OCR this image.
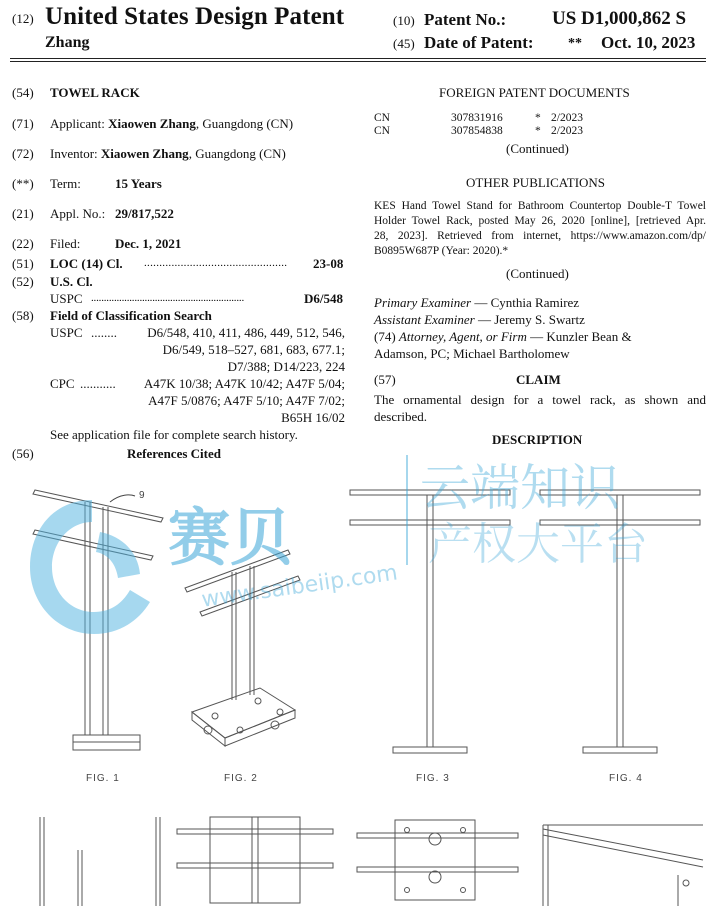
(12) United States Design Patent
Zhang
(10) Patent No.: US D1,000,862 S
(45) Date of Patent: ** Oct. 10, 2023
(54) TOWEL RACK
(71) Applicant: Xiaowen Zhang, Guangdong (CN)
(72) Inventor: Xiaowen Zhang, Guangdong (CN)
(**) Term:	15 Years
(21) Appl. No.: 29/817,522
(22) Filed:	Dec. 1, 2021
(51) LOC (14) Cl. ............................................... 23-08
(52) U.S. Cl.
USPC ............................................................	D6/548
(58) Field of Classification Search
USPC ........ D6/548, 410, 411, 486, 449, 512, 546,
D6/549, 518–527, 681, 683, 677.1;
D7/388; D14/223, 224
CPC ........... A47K 10/38; A47K 10/42; A47F 5/04;
A47F 5/0876; A47F 5/10; A47F 7/02;
B65H 16/02
See application file for complete search history.
(56)	References Cited
FOREIGN PATENT DOCUMENTS
CN	307831916	* 2/2023
CN	307854838	* 2/2023
(Continued)
OTHER PUBLICATIONS
KES Hand Towel Stand for Bathroom Countertop Double-T Towel
Holder Towel Rack, posted May 26, 2020 [online], [retrieved Apr.
28, 2023]. Retrieved from internet, https://www.amazon.com/dp/
B0895W687P (Year: 2020).*
(Continued)
Primary Examiner — Cynthia Ramirez
Assistant Examiner — Jeremy S. Swartz
(74) Attorney, Agent, or Firm — Kunzler Bean &
Adamson, PC; Michael Bartholomew
(57)	CLAIM
The ornamental design for a towel rack, as shown and
described.
DESCRIPTION
FIG. 1
9
FIG. 2	FIG. 3	FIG. 4
赛贝
云端知识
产权大平台
www.saibeiip.com
